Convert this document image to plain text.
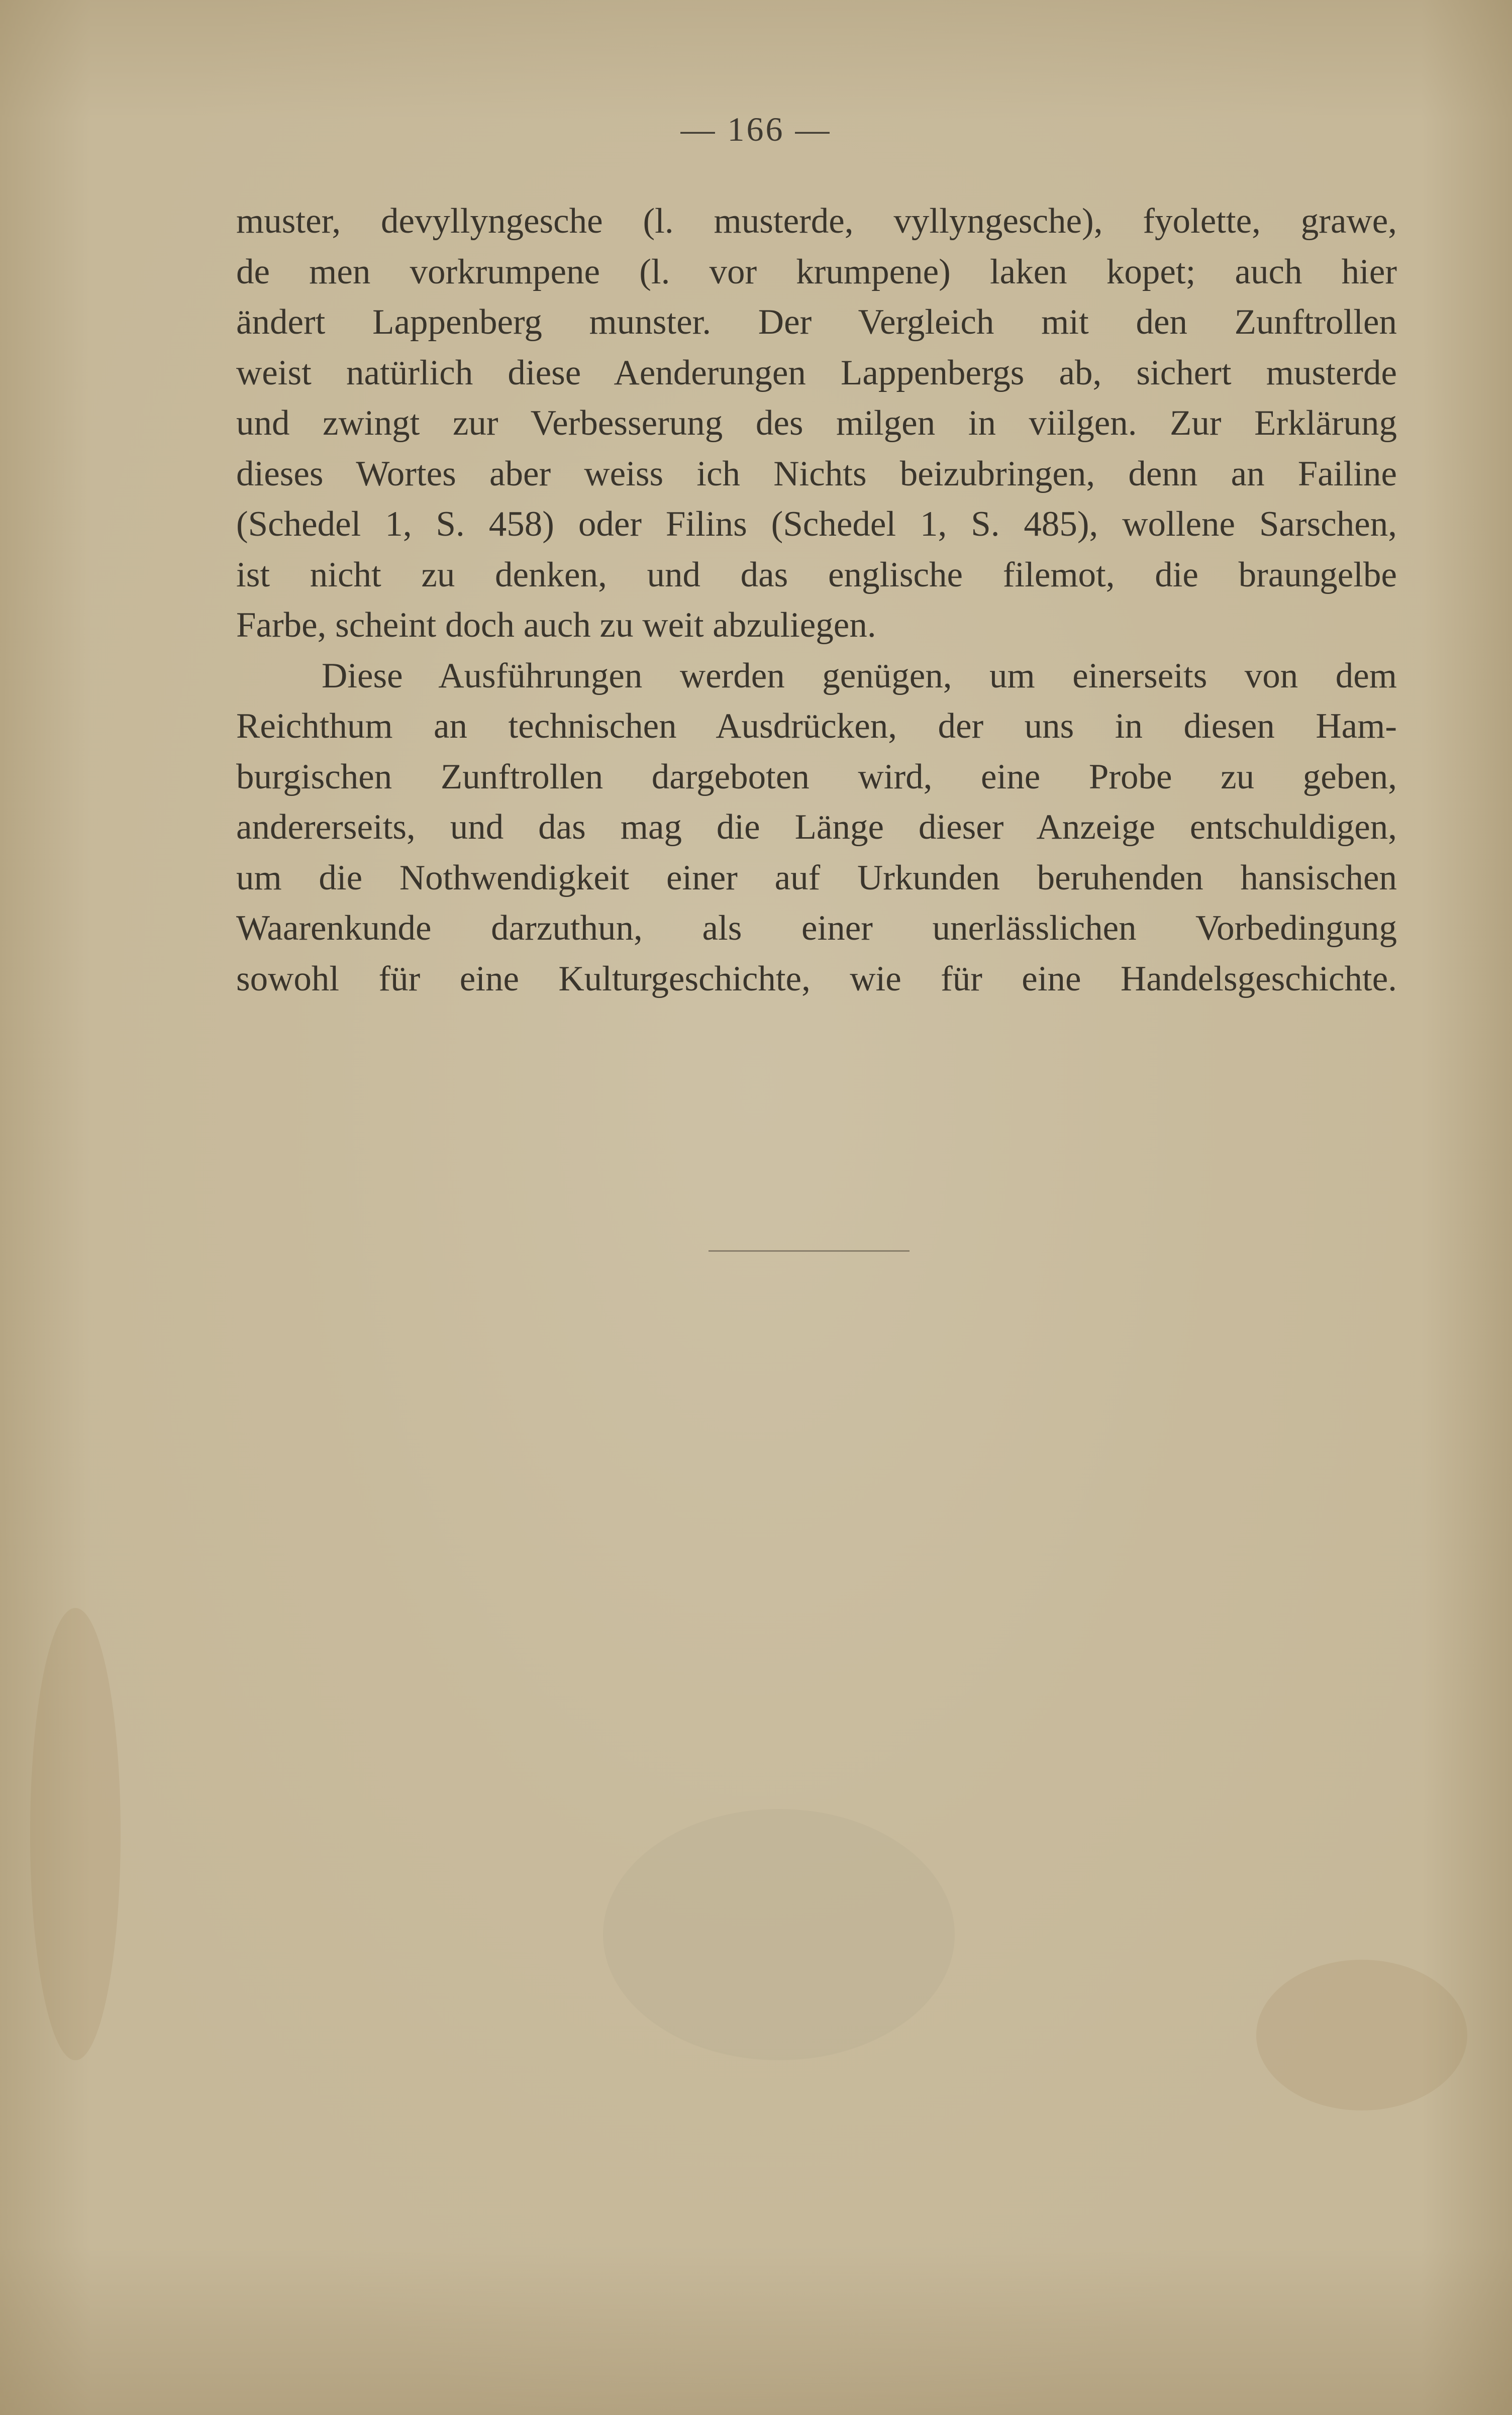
— 166 —

muster, devyllyngesche (l. musterde, vyllyngesche), fyolette, grawe,
de men vorkrumpene (l. vor krumpene) laken kopet; auch hier
ändert Lappenberg munster. Der Vergleich mit den Zunftrollen
weist natürlich diese Aenderungen Lappenbergs ab, sichert musterde
und zwingt zur Verbesserung des milgen in viilgen. Zur Erklärung
dieses Wortes aber weiss ich Nichts beizubringen, denn an Failine
(Schedel 1, S. 458) oder Filins (Schedel 1, S. 485), wollene Sarschen,
ist nicht zu denken, und das englische filemot, die braungelbe
Farbe, scheint doch auch zu weit abzuliegen.
Diese Ausführungen werden genügen, um einerseits von dem
Reichthum an technischen Ausdrücken, der uns in diesen Ham-
burgischen Zunftrollen dargeboten wird, eine Probe zu geben,
andererseits, und das mag die Länge dieser Anzeige entschuldigen,
um die Nothwendigkeit einer auf Urkunden beruhenden hansischen
Waarenkunde darzuthun, als einer unerlässlichen Vorbedingung
sowohl für eine Kulturgeschichte, wie für eine Handelsgeschichte.
